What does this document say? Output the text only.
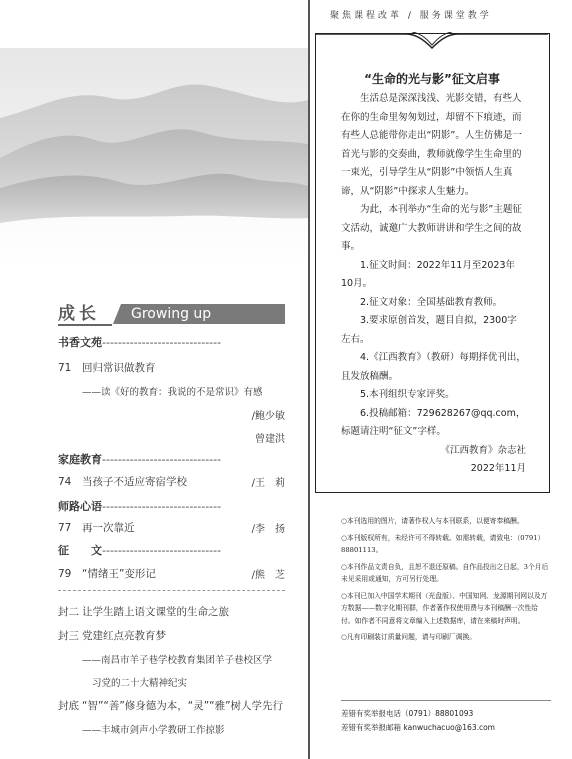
成长	Growing up
书香文苑------------------------------
71 回归常识做教育
——读《好的教育：我说的不是常识》有感
/鲍少敏
曾建洪
家庭教育------------------------------
74 当孩子不适应寄宿学校	/王　莉
师路心语------------------------------
77 再一次靠近	/李　扬
征　　文------------------------------
79 “情绪王”变形记	/熊　芝
封二 让学生踏上语文课堂的生命之旅
封三 党建红点亮教育梦
——南昌市羊子巷学校教育集团羊子巷校区学
习党的二十大精神纪实
封底 “智”“善”修身德为本，“灵”“雅”树人学先行
——丰城市剑声小学教研工作掠影
聚焦课程改革 / 服务课堂教学
“生命的光与影”征文启事

生活总是深深浅浅、光影交错，有些人在你的生命里匆匆划过，却留不下痕迹，而有些人总能带你走出“阴影”。人生仿佛是一首光与影的交奏曲，教师就像学生生命里的一束光，引导学生从“阴影”中领悟人生真谛，从“阴影”中探求人生魅力。

为此，本刊举办“生命的光与影”主题征文活动，诚邀广大教师讲讲和学生之间的故事。

1.征文时间：2022年11月至2023年10月。

2.征文对象：全国基础教育教师。

3.要求原创首发，题目自拟，2300字左右。

4.《江西教育》（教研）每期择优刊出，且发放稿酬。

5.本刊组织专家评奖。

6.投稿邮箱：729628267@qq.com，标题请注明“征文”字样。

《江西教育》杂志社

2022年11月

○本刊选用的图片，请著作权人与本刊联系，以便寄奉稿酬。

○本刊版权所有，未经许可不得转载。如需转载，请致电：（0791）88801113。

○本刊作品文责自负，且恕不退还原稿。自作品投出之日起，3个月后未见采用或通知，方可另行处理。

○本刊已加入中国学术期刊（光盘版）、中国知网、龙源期刊网以及万方数据——数字化期刊群，作者著作权使用费与本刊稿酬一次性给付。如作者不同意将文章编入上述数据库，请在来稿时声明。

○凡有印刷装订质量问题，请与印刷厂调换。

差错有奖举报电话（0791）88801093
差错有奖举报邮箱 kanwuchacuo@163.com
